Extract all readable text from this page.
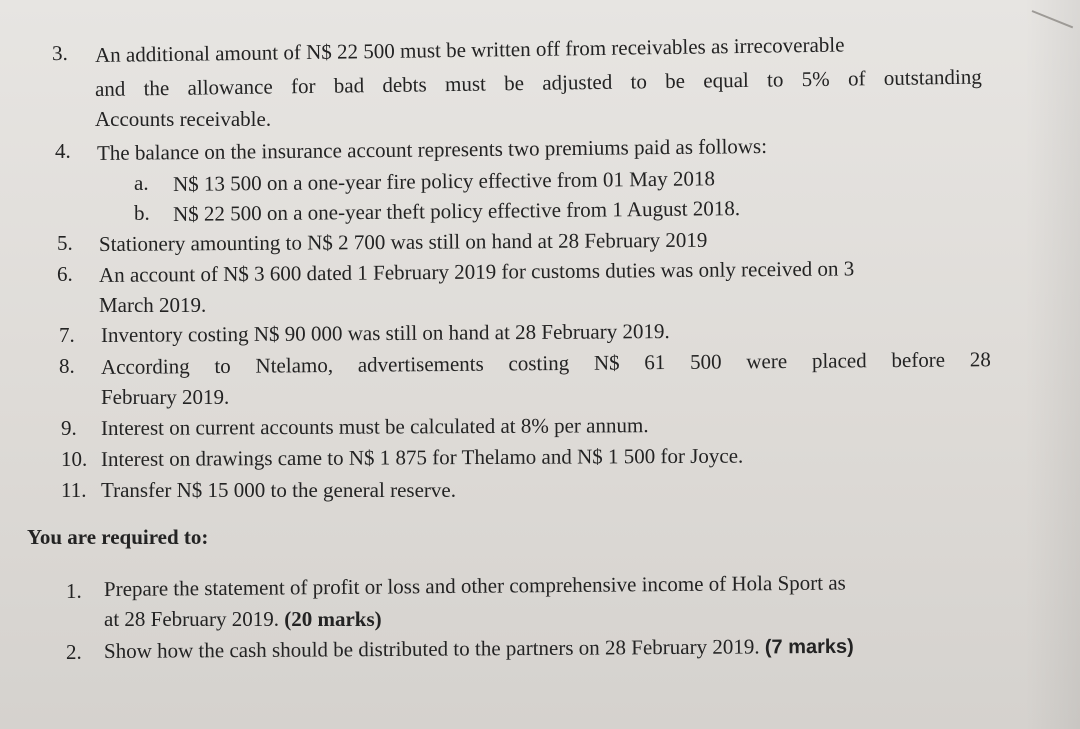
3. An additional amount of N$ 22 500 must be written off from receivables as irrecoverable
and the allowance for bad debts must be adjusted to be equal to 5% of outstanding
Accounts receivable.
4. The balance on the insurance account represents two premiums paid as follows:
a. N$ 13 500 on a one-year fire policy effective from 01 May 2018
b. N$ 22 500 on a one-year theft policy effective from 1 August 2018.
5. Stationery amounting to N$ 2 700 was still on hand at 28 February 2019
6. An account of N$ 3 600 dated 1 February 2019 for customs duties was only received on 3
March 2019.
7. Inventory costing N$ 90 000 was still on hand at 28 February 2019.
8. According to Ntelamo, advertisements costing N$ 61 500 were placed before 28
February 2019.
9. Interest on current accounts must be calculated at 8% per annum.
10. Interest on drawings came to N$ 1 875 for Thelamo and N$ 1 500 for Joyce.
11. Transfer N$ 15 000 to the general reserve.
You are required to:
1. Prepare the statement of profit or loss and other comprehensive income of Hola Sport as
at 28 February 2019. (20 marks)
2. Show how the cash should be distributed to the partners on 28 February 2019. (7 marks)
